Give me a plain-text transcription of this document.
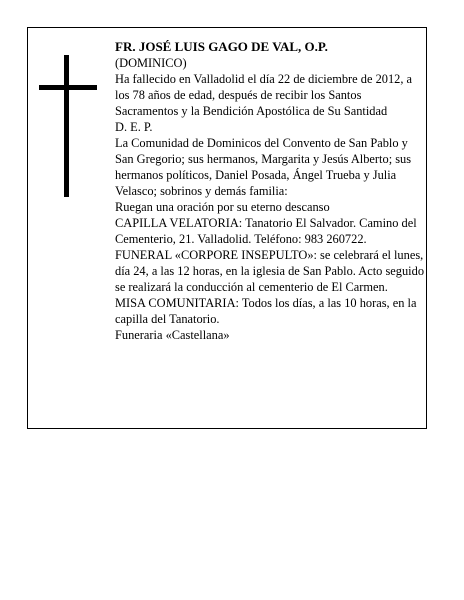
FR. JOSÉ LUIS GAGO DE VAL, O.P.

(DOMINICO)

Ha fallecido en Valladolid el día 22 de diciembre de 2012, a los 78 años de edad, después de recibir los Santos Sacramentos y la Bendición Apostólica de Su Santidad

D. E. P.

La Comunidad de Dominicos del Convento de San Pablo y San Gregorio; sus hermanos, Margarita y Jesús Alberto; sus hermanos políticos, Daniel Posada, Ángel Trueba y Julia Velasco; sobrinos y demás familia:

Ruegan una oración por su eterno descanso

CAPILLA VELATORIA: Tanatorio El Salvador. Camino del Cementerio, 21. Valladolid. Teléfono: 983 260722.

FUNERAL «CORPORE INSEPULTO»: se celebrará el lunes, día 24, a las 12 horas, en la iglesia de San Pablo. Acto seguido se realizará la conducción al cementerio de El Carmen.

MISA COMUNITARIA: Todos los días, a las 10 horas, en la capilla del Tanatorio.

Funeraria «Castellana»
